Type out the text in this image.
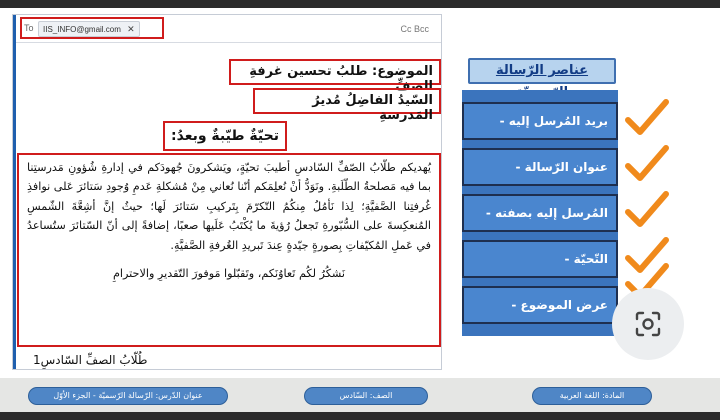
To	IIS_INFO@gmail.com ✕	Cc Bcc
الموضوع: طلبُ تحسين غرفةِ الصفِّ
السّيدُ الفاضِلُ مُديرُ المَدرسةِ
تحيّةٌ طيّبةٌ وبعدُ:

يُهديكم طلّابُ الصّفِّ السّادسِ أطيبَ تحيّةٍ، ويَشكرونَ جُهودَكم في إدارةِ شُؤونِ مَدرستِنا بما فيه مَصلحةُ الطّلَبةِ. ونَوَدُّ أنْ نُعلِمَكم أنّنا نُعاني مِنْ مُشكلةِ عَدمِ وُجودِ سَتائرَ عَلى نوافذِ غُرفتِنا الصَّفيَّةِ؛ لِذا نَأمُلُ مِنكُمُ التّكرّمَ بِتَركيبِ سَتائرَ لَها؛ حيثُ إنَّ أشِعَّةَ الشّمسِ المُنعكِسةَ على السُّبّورةِ تَجعلُ رُؤيةَ ما يُكْتَبُ عَلَيها صعبًا، إضافةً إلى أنّ السّتائرَ ستُساعدُ في عَملِ المُكيّفاتِ بِصورةٍ جيّدةٍ عِندَ تَبريدِ الغُرفةِ الصَّفيَّةِ.

نَشكُرُ لكُم تَعاوُنَكم، وتَقبّلوا مَوفورَ التّقديرِ والاحترامِ

طُلّابُ الصفِّ السّادسِ1
عناصر الرّسالة
بريد المُرسل إليه -
عنوان الرّسالة -
المُرسل إليه بصفته -
التّحيّة -
عرض الموضوع -
عنوان الدّرس: الرّسالة الرّسميّة - الجزء الأوّل	الصف: السّادس	المادة: اللغة العربية
